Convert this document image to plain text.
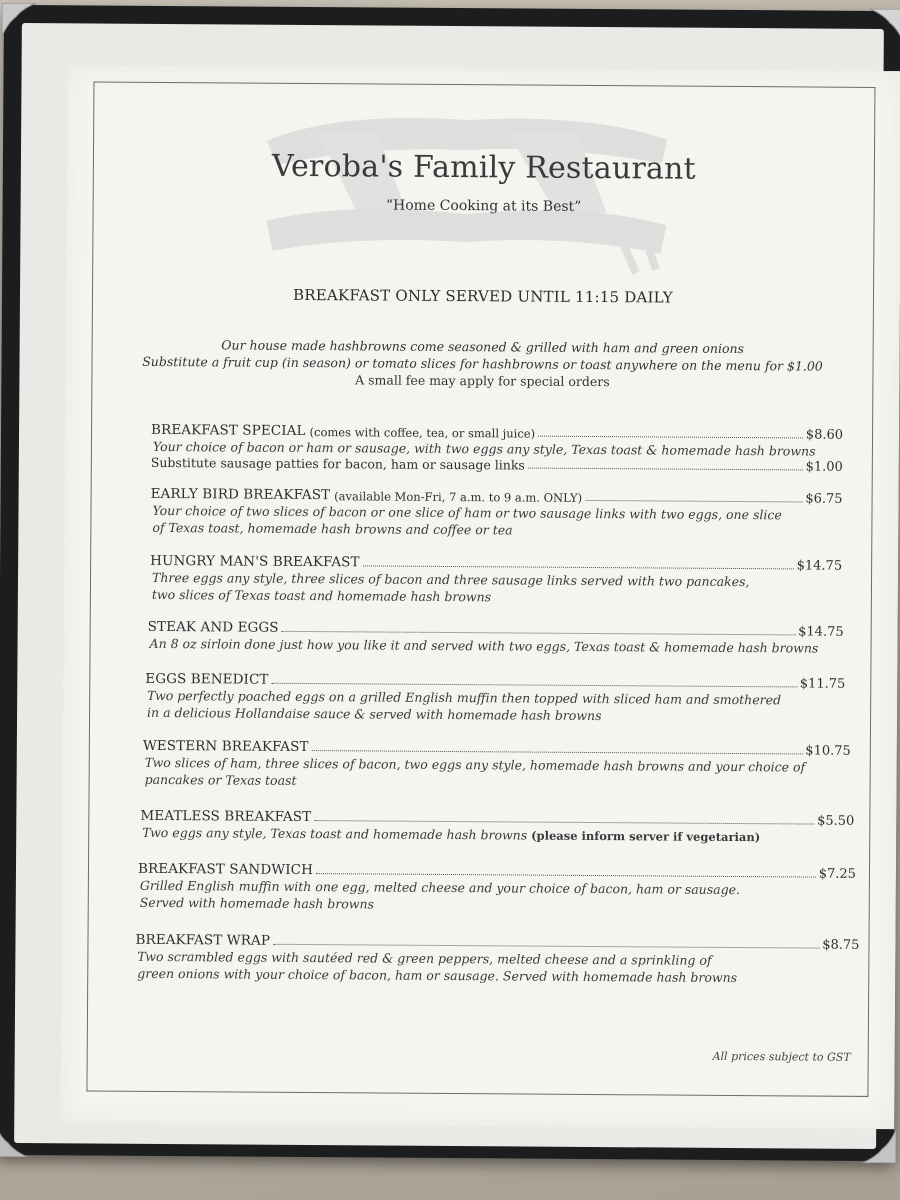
Veroba's Family Restaurant
“Home Cooking at its Best”
BREAKFAST ONLY SERVED UNTIL 11:15 DAILY
Our house made hashbrowns come seasoned & grilled with ham and green onions
Substitute a fruit cup (in season) or tomato slices for hashbrowns or toast anywhere on the menu for $1.00
A small fee may apply for special orders
BREAKFAST SPECIAL (comes with coffee, tea, or small juice)	$8.60
Your choice of bacon or ham or sausage, with two eggs any style, Texas toast & homemade hash browns
Substitute sausage patties for bacon, ham or sausage links	$1.00
EARLY BIRD BREAKFAST (available Mon-Fri, 7 a.m. to 9 a.m. ONLY)	$6.75
Your choice of two slices of bacon or one slice of ham or two sausage links with two eggs, one slice
of Texas toast, homemade hash browns and coffee or tea
HUNGRY MAN'S BREAKFAST	$14.75
Three eggs any style, three slices of bacon and three sausage links served with two pancakes,
two slices of Texas toast and homemade hash browns
STEAK AND EGGS	$14.75
An 8 oz sirloin done just how you like it and served with two eggs, Texas toast & homemade hash browns
EGGS BENEDICT	$11.75
Two perfectly poached eggs on a grilled English muffin then topped with sliced ham and smothered
in a delicious Hollandaise sauce & served with homemade hash browns
WESTERN BREAKFAST	$10.75
Two slices of ham, three slices of bacon, two eggs any style, homemade hash browns and your choice of
pancakes or Texas toast
MEATLESS BREAKFAST	$5.50
Two eggs any style, Texas toast and homemade hash browns (please inform server if vegetarian)
BREAKFAST SANDWICH	$7.25
Grilled English muffin with one egg, melted cheese and your choice of bacon, ham or sausage.
Served with homemade hash browns
BREAKFAST WRAP	$8.75
Two scrambled eggs with sautéed red & green peppers, melted cheese and a sprinkling of
green onions with your choice of bacon, ham or sausage. Served with homemade hash browns
All prices subject to GST
